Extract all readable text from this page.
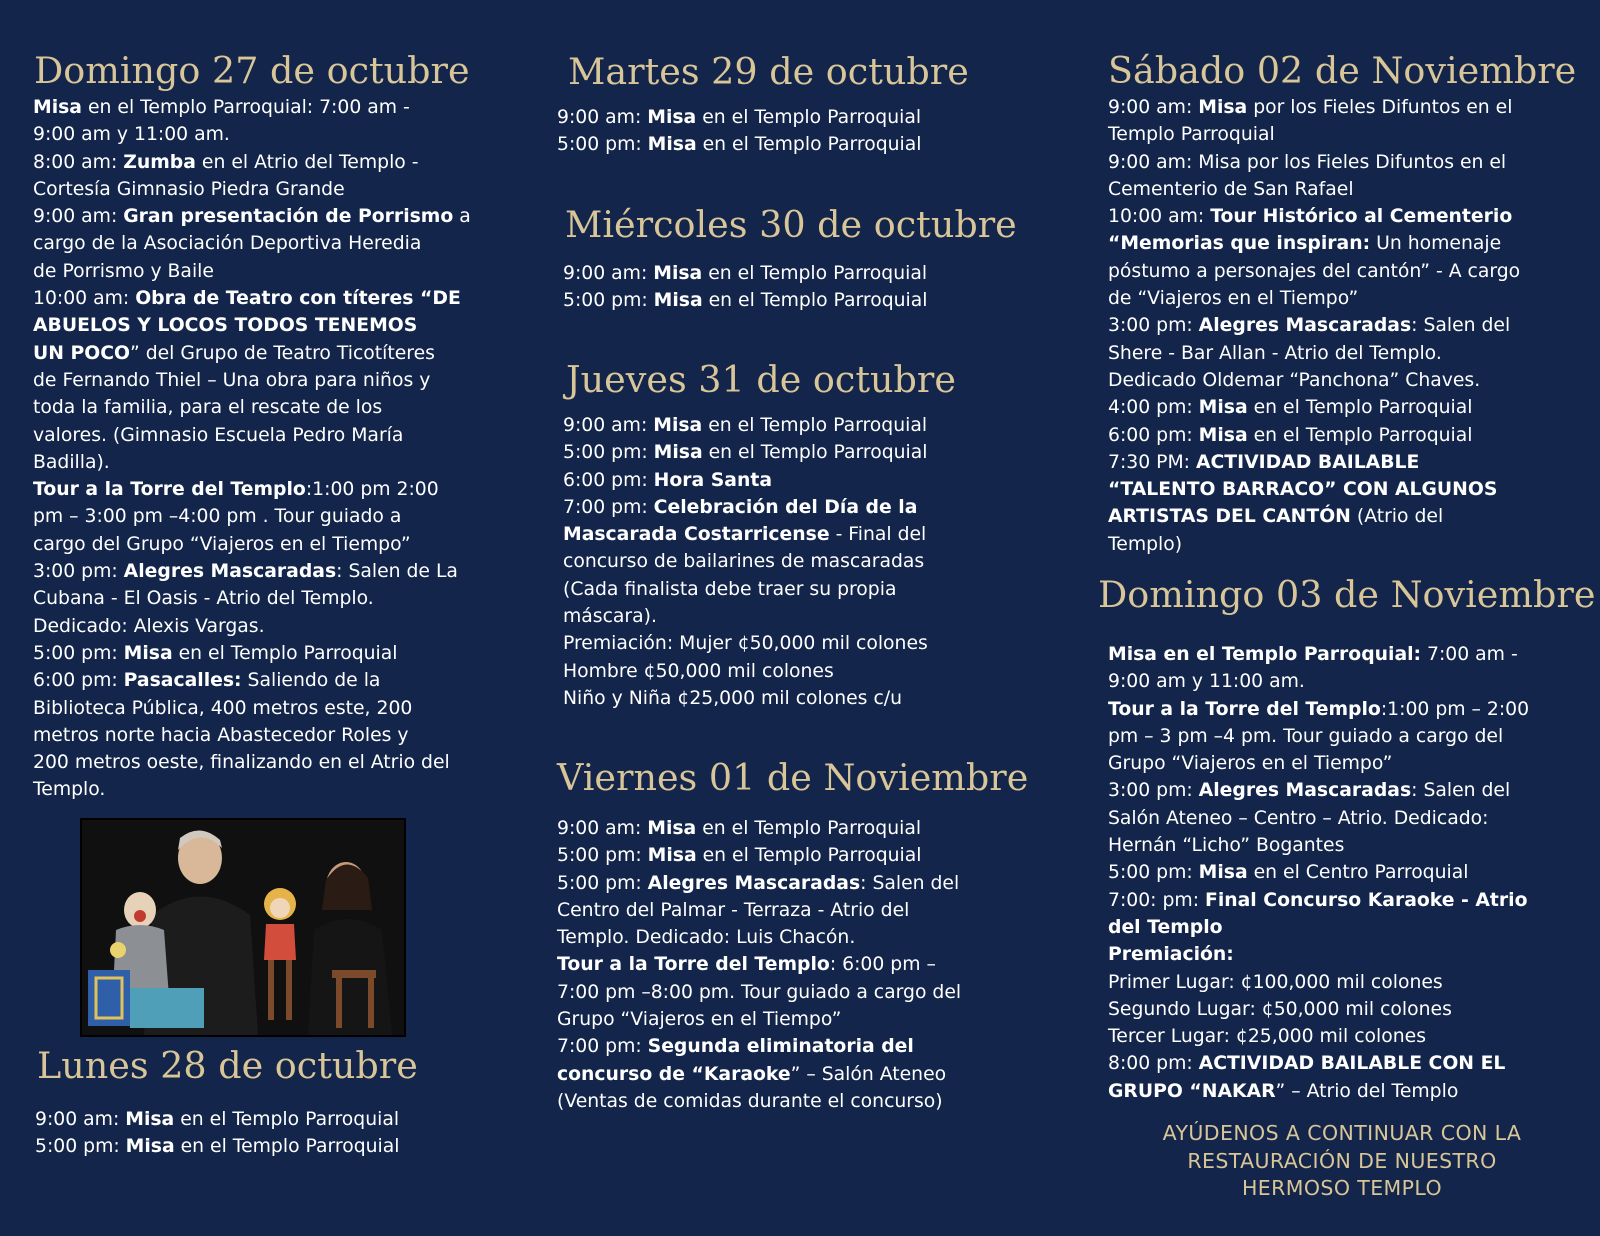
Domingo 27 de octubre
Misa en el Templo Parroquial: 7:00 am -
9:00 am y 11:00 am.
8:00 am: Zumba en el Atrio del Templo -
Cortesía Gimnasio Piedra Grande
9:00 am: Gran presentación de Porrismo a
cargo de la Asociación Deportiva Heredia
de Porrismo y Baile
10:00 am: Obra de Teatro con títeres “DE
ABUELOS Y LOCOS TODOS TENEMOS
UN POCO” del Grupo de Teatro Ticotíteres
de Fernando Thiel – Una obra para niños y
toda la familia, para el rescate de los
valores. (Gimnasio Escuela Pedro María
Badilla).
Tour a la Torre del Templo:1:00 pm 2:00
pm – 3:00 pm –4:00 pm . Tour guiado a
cargo del Grupo “Viajeros en el Tiempo”
3:00 pm: Alegres Mascaradas: Salen de La
Cubana - El Oasis - Atrio del Templo.
Dedicado: Alexis Vargas.
5:00 pm: Misa en el Templo Parroquial
6:00 pm: Pasacalles: Saliendo de la
Biblioteca Pública, 400 metros este, 200
metros norte hacia Abastecedor Roles y
200 metros oeste, finalizando en el Atrio del
Templo.
Lunes 28 de octubre
9:00 am: Misa en el Templo Parroquial
5:00 pm: Misa en el Templo Parroquial
Martes 29 de octubre
9:00 am: Misa en el Templo Parroquial
5:00 pm: Misa en el Templo Parroquial
Miércoles 30 de octubre
9:00 am: Misa en el Templo Parroquial
5:00 pm: Misa en el Templo Parroquial
Jueves 31 de octubre
9:00 am: Misa en el Templo Parroquial
5:00 pm: Misa en el Templo Parroquial
6:00 pm: Hora Santa
7:00 pm: Celebración del Día de la
Mascarada Costarricense - Final del
concurso de bailarines de mascaradas
(Cada finalista debe traer su propia
máscara).
Premiación: Mujer ¢50,000 mil colones
Hombre ¢50,000 mil colones
Niño y Niña ¢25,000 mil colones c/u
Viernes 01 de Noviembre
9:00 am: Misa en el Templo Parroquial
5:00 pm: Misa en el Templo Parroquial
5:00 pm: Alegres Mascaradas: Salen del
Centro del Palmar - Terraza - Atrio del
Templo. Dedicado: Luis Chacón.
Tour a la Torre del Templo: 6:00 pm –
7:00 pm –8:00 pm. Tour guiado a cargo del
Grupo “Viajeros en el Tiempo”
7:00 pm: Segunda eliminatoria del
concurso de “Karaoke” – Salón Ateneo
(Ventas de comidas durante el concurso)
Sábado 02 de Noviembre
9:00 am: Misa por los Fieles Difuntos en el
Templo Parroquial
9:00 am: Misa por los Fieles Difuntos en el
Cementerio de San Rafael
10:00 am: Tour Histórico al Cementerio
“Memorias que inspiran: Un homenaje
póstumo a personajes del cantón” - A cargo
de “Viajeros en el Tiempo”
3:00 pm: Alegres Mascaradas: Salen del
Shere - Bar Allan - Atrio del Templo.
Dedicado Oldemar “Panchona” Chaves.
4:00 pm: Misa en el Templo Parroquial
6:00 pm: Misa en el Templo Parroquial
7:30 PM: ACTIVIDAD BAILABLE
“TALENTO BARRACO” CON ALGUNOS
ARTISTAS DEL CANTÓN (Atrio del
Templo)
Domingo 03 de Noviembre
Misa en el Templo Parroquial: 7:00 am -
9:00 am y 11:00 am.
Tour a la Torre del Templo:1:00 pm – 2:00
pm – 3 pm –4 pm. Tour guiado a cargo del
Grupo “Viajeros en el Tiempo”
3:00 pm: Alegres Mascaradas: Salen del
Salón Ateneo – Centro – Atrio. Dedicado:
Hernán “Licho” Bogantes
5:00 pm: Misa en el Centro Parroquial
7:00: pm: Final Concurso Karaoke - Atrio
del Templo
Premiación:
Primer Lugar: ¢100,000 mil colones
Segundo Lugar: ¢50,000 mil colones
Tercer Lugar: ¢25,000 mil colones
8:00 pm: ACTIVIDAD BAILABLE CON EL
GRUPO “NAKAR” – Atrio del Templo
AYÚDENOS A CONTINUAR CON LA
RESTAURACIÓN DE NUESTRO
HERMOSO TEMPLO
